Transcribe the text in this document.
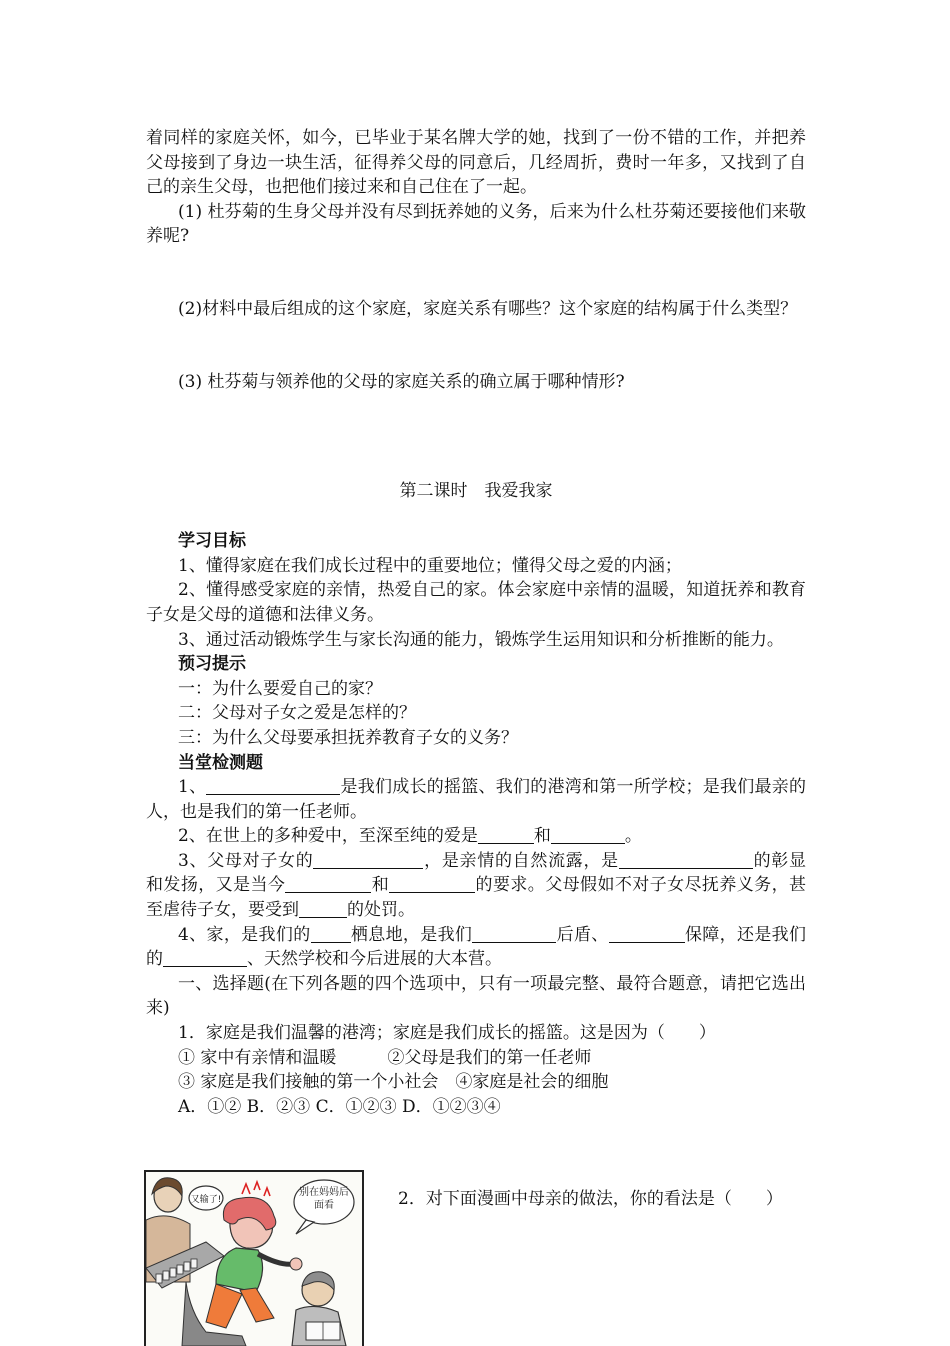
着同样的家庭关怀，如今，已毕业于某名牌大学的她，找到了一份不错的工作，并把养父母接到了身边一块生活，征得养父母的同意后，几经周折，费时一年多，又找到了自己的亲生父母，也把他们接过来和自己住在了一起。

(1) 杜芬菊的生身父母并没有尽到抚养她的义务，后来为什么杜芬菊还要接他们来敬养呢?

(2)材料中最后组成的这个家庭，家庭关系有哪些？这个家庭的结构属于什么类型？

(3) 杜芬菊与领养他的父母的家庭关系的确立属于哪种情形?

第二课时　我爱我家

学习目标

1、懂得家庭在我们成长过程中的重要地位；懂得父母之爱的内涵；

2、懂得感受家庭的亲情，热爱自己的家。体会家庭中亲情的温暖，知道抚养和教育子女是父母的道德和法律义务。

3、通过活动锻炼学生与家长沟通的能力，锻炼学生运用知识和分析推断的能力。

预习提示

一：为什么要爱自己的家？

二：父母对子女之爱是怎样的？

三：为什么父母要承担抚养教育子女的义务？

当堂检测题

1、	是我们成长的摇篮、我们的港湾和第一所学校；是我们最亲的人，也是我们的第一任老师。

2、在世上的多种爱中，至深至纯的爱是	和	。

3、父母对子女的	，是亲情的自然流露，是	的彰显和发扬，又是当今	和	的要求。父母假如不对子女尽抚养义务，甚至虐待子女，要受到	的处罚。

4、家，是我们的 栖息地，是我们	后盾、	保障，还是我们的	、天然学校和今后进展的大本营。

一、选择题(在下列各题的四个选项中，只有一项最完整、最符合题意，请把它选出来)

1．家庭是我们温馨的港湾；家庭是我们成长的摇篮。这是因为（　　）

① 家中有亲情和温暖　　　②父母是我们的第一任老师

③ 家庭是我们接触的第一个小社会　④家庭是社会的细胞

A．①② B．②③ C．①②③ D．①②③④

2．对下面漫画中母亲的做法，你的看法是（　　）

又输了!
别在妈妈后面看
